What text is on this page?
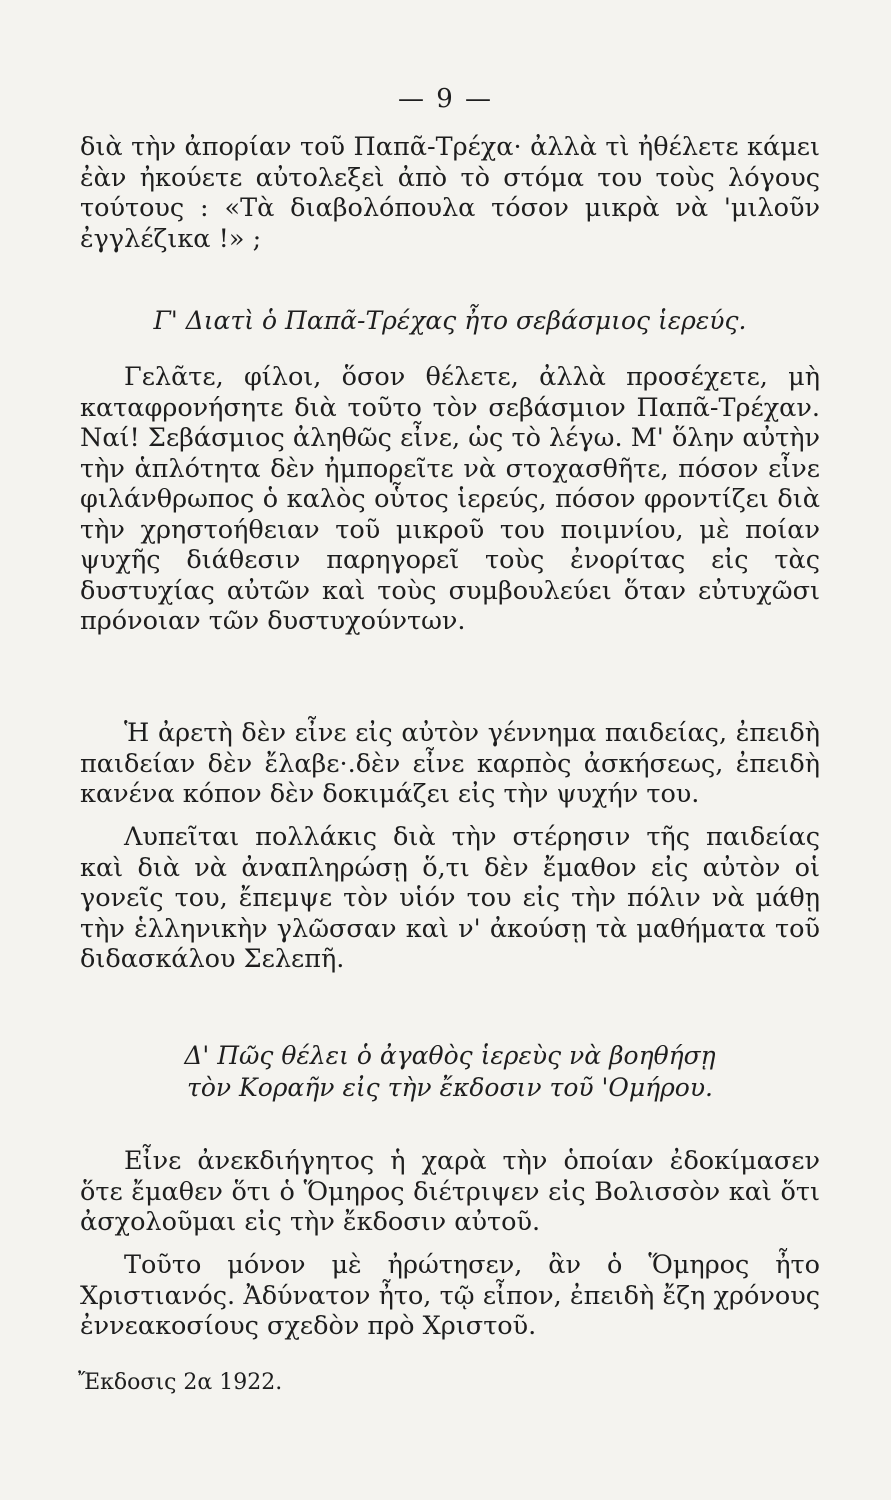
— 9 —
διὰ τὴν ἀπορίαν τοῦ Παπᾶ-Τρέχα· ἀλλὰ τὶ ἠθέλετε κάμει ἐὰν ἠκούετε αὐτολεξεὶ ἀπὸ τὸ στόμα του τοὺς λόγους τούτους : «Τὰ διαβολόπουλα τόσον μικρὰ νὰ 'μιλοῦν ἐγγλέζικα !» ;

Γ' Διατὶ ὁ Παπᾶ-Τρέχας ἦτο σεβάσμιος ἱερεύς.

Γελᾶτε, φίλοι, ὅσον θέλετε, ἀλλὰ προσέχετε, μὴ καταφρονήσητε διὰ τοῦτο τὸν σεβάσμιον Παπᾶ-Τρέχαν. Ναί! Σεβάσμιος ἀληθῶς εἶνε, ὡς τὸ λέγω. Μ' ὅλην αὐτὴν τὴν ἁπλότητα δὲν ἠμπορεῖτε νὰ στοχασθῆτε, πόσον εἶνε φιλάνθρωπος ὁ καλὸς οὗτος ἱερεύς, πόσον φροντίζει διὰ τὴν χρηστοήθειαν τοῦ μικροῦ του ποιμνίου, μὲ ποίαν ψυχῆς διάθεσιν παρηγορεῖ τοὺς ἐνορίτας εἰς τὰς δυστυχίας αὐτῶν καὶ τοὺς συμβουλεύει ὅταν εὐτυχῶσι πρόνοιαν τῶν δυστυχούντων.
Ἡ ἀρετὴ δὲν εἶνε εἰς αὐτὸν γέννημα παιδείας, ἐπειδὴ παιδείαν δὲν ἔλαβε·.δὲν εἶνε καρπὸς ἀσκήσεως, ἐπειδὴ κανένα κόπον δὲν δοκιμάζει εἰς τὴν ψυχήν του.
Λυπεῖται πολλάκις διὰ τὴν στέρησιν τῆς παιδείας καὶ διὰ νὰ ἀναπληρώσῃ ὅ,τι δὲν ἔμαθον εἰς αὐτὸν οἱ γονεῖς του, ἔπεμψε τὸν υἱόν του εἰς τὴν πόλιν νὰ μάθῃ τὴν ἑλληνικὴν γλῶσσαν καὶ ν' ἀκούσῃ τὰ μαθήματα τοῦ διδασκάλου Σελεπῆ.

Δ' Πῶς θέλει ὁ ἀγαθὸς ἱερεὺς νὰ βοηθήσῃ

τὸν Κοραῆν εἰς τὴν ἔκδοσιν τοῦ 'Ομήρου.

Εἶνε ἀνεκδιήγητος ἡ χαρὰ τὴν ὁποίαν ἐδοκίμασεν ὅτε ἔμαθεν ὅτι ὁ Ὅμηρος διέτριψεν εἰς Βολισσὸν καὶ ὅτι ἀσχολοῦμαι εἰς τὴν ἔκδοσιν αὐτοῦ.
Τοῦτο μόνον μὲ ἠρώτησεν, ἂν ὁ Ὅμηρος ἦτο Χριστιανός. Ἀδύνατον ἦτο, τῷ εἶπον, ἐπειδὴ ἔζη χρόνους ἐννεακοσίους σχεδὸν πρὸ Χριστοῦ.
Ἔκδοσις 2α 1922.
